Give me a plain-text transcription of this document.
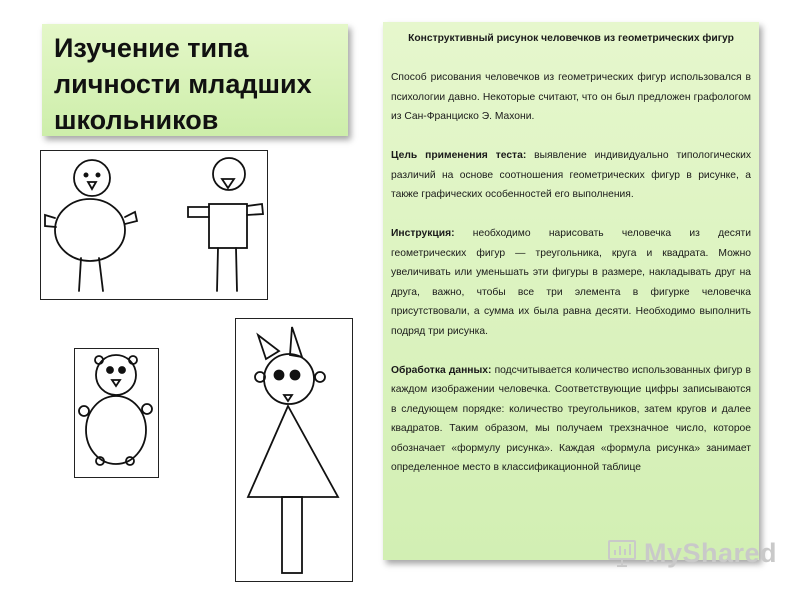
Изучение типа
личности младших
школьников
Конструктивный рисунок человечков из геометрических фигур
Способ рисования человечков из геометрических фигур использовался в психологии давно. Некоторые считают, что он был предложен графологом из Сан-Франциско Э. Махони.
Цель применения теста: выявление индивидуально типологических различий на основе соотношения геометрических фигур в рисунке, а также графических особенностей его выполнения.
Инструкция: необходимо нарисовать человечка из десяти геометрических фигур — треугольника, круга и квадрата. Можно увеличивать или уменьшать эти фигуры в размере, накладывать друг на друга, важно, чтобы все три элемента в фигурке человечка присутствовали, а сумма их была равна десяти. Необходимо выполнить подряд три рисунка.
Обработка данных: подсчитывается количество использованных фигур в каждом изображении человечка. Соответствующие цифры записываются в следующем порядке: количество треугольников, затем кругов и далее квадратов. Таким образом, мы получаем трехзначное число, которое обозначает «формулу рисунка». Каждая «формула рисунка» занимает определенное место в классификационной таблице
MyShared
